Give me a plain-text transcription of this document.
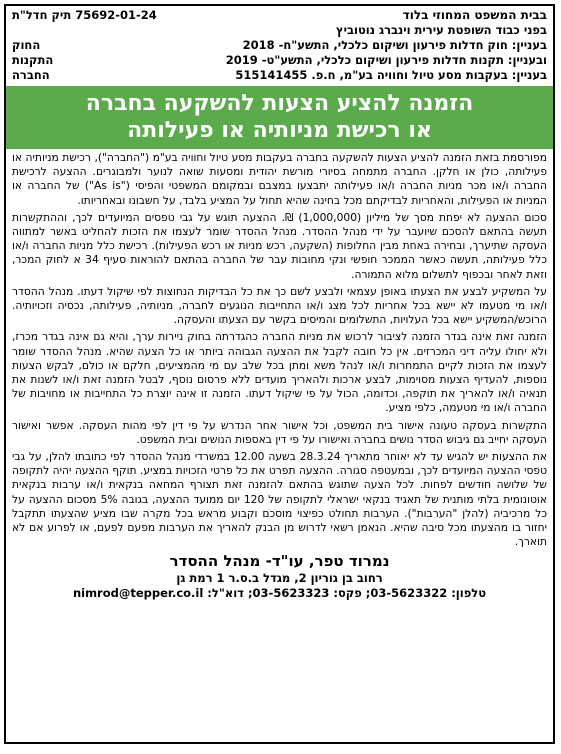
בבית המשפט המחוזי בלוד
75692-01-24 תיק חדל"ת
בפני כבוד השופטת עירית וינברג נוטוביץ
בעניין: חוק חדלות פירעון ושיקום כלכלי, התשע"ח- 2018
החוק
ובעניין: תקנות חדלות פירעון ושיקום כלכלי, התשע"ט- 2019
התקנות
בעניין: בעקבות מסע טיול וחוויה בע"מ, ח.פ. 515141455
החברה
הזמנה להציע הצעות להשקעה בחברה
או רכישת מניותיה או פעילותה

מפורסמת בזאת הזמנה להציע הצעות להשקעה בחברה בעקבות מסע טיול וחוויה בע"מ ("החברה"), רכישת מניותיה או פעילותה, כולן או חלקן. החברה מתמחה בסיורי מורשת יהודית ומסעות שואה לנוער ולמבוגרים. ההצעה לרכישת החברה ו/או מכר מניות החברה ו/או פעילותה יתבצעו במצבם ובמקומם המשפטי והפיסי ("As is") של החברה או המניות או הפעילות, והאחריות לבדיקתם מכל בחינה שהיא תחול על המציע בלבד, על חשבונו ובאחריותו.

סכום ההצעה לא יפחת מסך של מיליון (1,000,000) ₪. ההצעה תוגש על גבי טפסים המיועדים לכך, וההתקשרות תעשה בהתאם להסכם שיועבר על ידי מנהל ההסדר. מנהל ההסדר שומר לעצמו את הזכות להחליט באשר למתווה העסקה שתיערך, ובחירה באחת מבין החלופות (השקעה, רכש מניות או רכש הפעילות). רכישת כלל מניות החברה ו/או כלל פעילותה, תעשה כאשר הממכר חופשי ונקי מחובות עבר של החברה בהתאם להוראות סעיף 34 א לחוק המכר, וזאת לאחר ובכפוף לתשלום מלוא התמורה.

על המשקיע לבצע את הצעתו באופן עצמאי ולבצע לשם כך את כל הבדיקות הנחוצות לפי שיקול דעתו. מנהל ההסדר ו/או מי מטעמו לא יישא בכל אחריות לכל מצג ו/או התחייבות הנוגעים לחברה, מניותיה, פעילותה, נכסיה וזכויותיה. הרוכש/המשקיע יישא בכל העלויות, התשלומים והמיסים בקשר עם הצעתו והעסקה.

הזמנה זאת אינה בגדר הזמנה לציבור לרכוש את מניות החברה כהגדרתה בחוק ניירות ערך, והיא גם אינה בגדר מכרז, ולא יחולו עליה דיני המכרזים. אין כל חובה לקבל את ההצעה הגבוהה ביותר או כל הצעה שהיא. מנהל ההסדר שומר לעצמו את הזכות לקיים התמחרות ו/או לנהל משא ומתן בכל שלב עם מי מהמציעים, חלקם או כולם, לבקש הצעות נוספות, להעדיף הצעות מסוימות, לבצע ארכות ולהאריך מועדים ללא פרסום נוסף, לבטל הזמנה זאת ו/או לשנות את תנאיה ו/או להאריך את תוקפה, וכדומה, הכול על פי שיקול דעתו. הזמנה זו אינה יוצרת כל התחייבות או מחויבות של החברה ו/או מי מטעמה, כלפי מציע.

התקשרות בעסקה טעונה אישור בית המשפט, וכל אישור אחר הנדרש על פי דין לפי מהות העסקה. אפשר ואישור העסקה יחייב גם גיבוש הסדר נושים בחברה ואישורו על פי דין באספות הנושים ובית המשפט.

את ההצעות יש להגיש עד לא יאוחר מתאריך 28.3.24 בשעה 12.00 במשרדי מנהל ההסדר לפי כתובתו להלן, על גבי טפסי ההצעה המיועדים לכך, ובמעטפה סגורה. ההצעה תפרט את כל פרטי הזכויות במציע. תוקף ההצעה יהיה לתקופה של שלושה חודשים לפחות. לכל הצעה שתוגש בהתאם להזמנה זאת תצורף המחאה בנקאית ו/או ערבות בנקאית אוטונומית בלתי מותנית של תאגיד בנקאי ישראלי לתקופה של 120 יום ממועד ההצעה, בגובה 5% מסכום ההצעה על כל מרכיביה (להלן "הערבות"). הערבות תחולט כפיצוי מוסכם וקבוע מראש בכל מקרה שבו מציע שהצעתו תתקבל יחזור בו מהצעתו מכל סיבה שהיא. הנאמן רשאי לדרוש מן הבנק להאריך את הערבות מפעם לפעם, או לפרוע אם לא תוארך.

נמרוד טפר, עו"ד- מנהל ההסדר
רחוב בן גוריון 2, מגדל ב.ס.ר 1 רמת גן
טלפון: 03-5623322; פקס: 03-5623323; דוא"ל: nimrod@tepper.co.il
